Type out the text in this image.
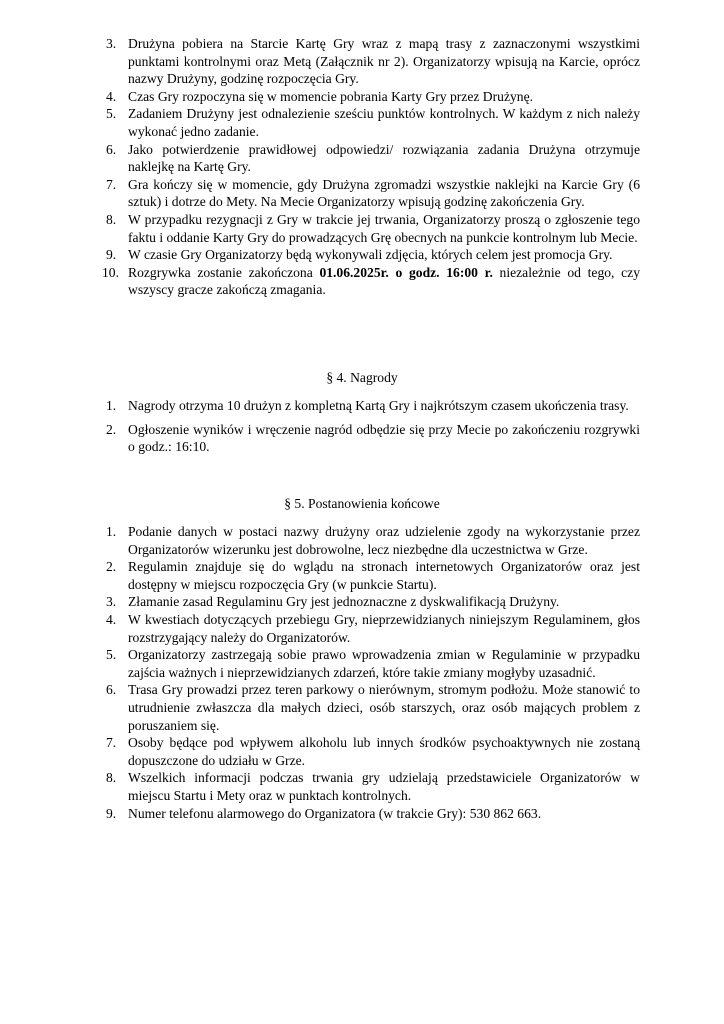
3. Drużyna pobiera na Starcie Kartę Gry wraz z mapą trasy z zaznaczonymi wszystkimi punktami kontrolnymi oraz Metą (Załącznik nr 2). Organizatorzy wpisują na Karcie, oprócz nazwy Drużyny, godzinę rozpoczęcia Gry.
4. Czas Gry rozpoczyna się w momencie pobrania Karty Gry przez Drużynę.
5. Zadaniem Drużyny jest odnalezienie sześciu punktów kontrolnych. W każdym z nich należy wykonać jedno zadanie.
6. Jako potwierdzenie prawidłowej odpowiedzi/ rozwiązania zadania Drużyna otrzymuje naklejkę na Kartę Gry.
7. Gra kończy się w momencie, gdy Drużyna zgromadzi wszystkie naklejki na Karcie Gry (6 sztuk) i dotrze do Mety. Na Mecie Organizatorzy wpisują godzinę zakończenia Gry.
8. W przypadku rezygnacji z Gry w trakcie jej trwania, Organizatorzy proszą o zgłoszenie tego faktu i oddanie Karty Gry do prowadzących Grę obecnych na punkcie kontrolnym lub Mecie.
9. W czasie Gry Organizatorzy będą wykonywali zdjęcia, których celem jest promocja Gry.
10. Rozgrywka zostanie zakończona 01.06.2025r. o godz. 16:00 r. niezależnie od tego, czy wszyscy gracze zakończą zmagania.
§ 4. Nagrody
1. Nagrody otrzyma 10 drużyn z kompletną Kartą Gry i najkrótszym czasem ukończenia trasy.
2. Ogłoszenie wyników i wręczenie nagród odbędzie się przy Mecie po zakończeniu rozgrywki o godz.: 16:10.
§ 5. Postanowienia końcowe
1. Podanie danych w postaci nazwy drużyny oraz udzielenie zgody na wykorzystanie przez Organizatorów wizerunku jest dobrowolne, lecz niezbędne dla uczestnictwa w Grze.
2. Regulamin znajduje się do wglądu na stronach internetowych Organizatorów oraz jest dostępny w miejscu rozpoczęcia Gry (w punkcie Startu).
3. Złamanie zasad Regulaminu Gry jest jednoznaczne z dyskwalifikacją Drużyny.
4. W kwestiach dotyczących przebiegu Gry, nieprzewidzianych niniejszym Regulaminem, głos rozstrzygający należy do Organizatorów.
5. Organizatorzy zastrzegają sobie prawo wprowadzenia zmian w Regulaminie w przypadku zajścia ważnych i nieprzewidzianych zdarzeń, które takie zmiany mogłyby uzasadnić.
6. Trasa Gry prowadzi przez teren parkowy o nierównym, stromym podłożu. Może stanowić to utrudnienie zwłaszcza dla małych dzieci, osób starszych, oraz osób mających problem z poruszaniem się.
7. Osoby będące pod wpływem alkoholu lub innych środków psychoaktywnych nie zostaną dopuszczone do udziału w Grze.
8. Wszelkich informacji podczas trwania gry udzielają przedstawiciele Organizatorów w miejscu Startu i Mety oraz w punktach kontrolnych.
9. Numer telefonu alarmowego do Organizatora (w trakcie Gry): 530 862 663.
